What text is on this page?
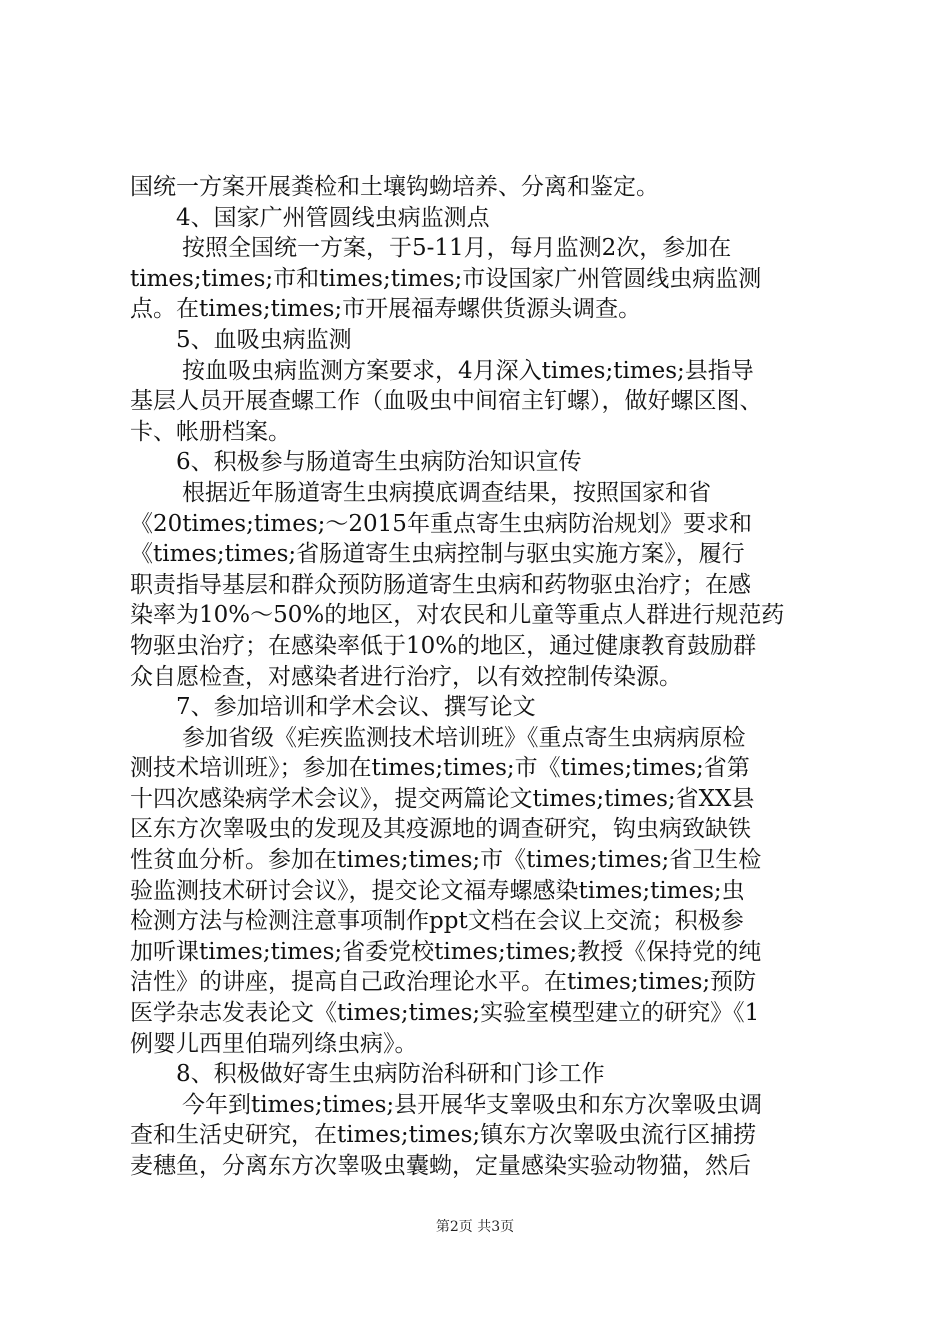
国统一方案开展粪检和土壤钩蚴培养、分离和鉴定。
4、国家广州管圆线虫病监测点
按照全国统一方案，于5-11月，每月监测2次，参加在
times;times;市和times;times;市设国家广州管圆线虫病监测
点。在times;times;市开展福寿螺供货源头调查。
5、血吸虫病监测
按血吸虫病监测方案要求，4月深入times;times;县指导
基层人员开展查螺工作（血吸虫中间宿主钉螺），做好螺区图、
卡、帐册档案。
6、积极参与肠道寄生虫病防治知识宣传
根据近年肠道寄生虫病摸底调查结果，按照国家和省
《20times;times;～2015年重点寄生虫病防治规划》要求和
《times;times;省肠道寄生虫病控制与驱虫实施方案》，履行
职责指导基层和群众预防肠道寄生虫病和药物驱虫治疗；在感
染率为10%～50%的地区，对农民和儿童等重点人群进行规范药
物驱虫治疗；在感染率低于10%的地区，通过健康教育鼓励群
众自愿检查，对感染者进行治疗，以有效控制传染源。
7、参加培训和学术会议、撰写论文
参加省级《疟疾监测技术培训班》《重点寄生虫病病原检
测技术培训班》；参加在times;times;市《times;times;省第
十四次感染病学术会议》，提交两篇论文times;times;省XX县
区东方次睾吸虫的发现及其疫源地的调查研究，钩虫病致缺铁
性贫血分析。参加在times;times;市《times;times;省卫生检
验监测技术研讨会议》，提交论文福寿螺感染times;times;虫
检测方法与检测注意事项制作ppt文档在会议上交流；积极参
加听课times;times;省委党校times;times;教授《保持党的纯
洁性》的讲座，提高自己政治理论水平。在times;times;预防
医学杂志发表论文《times;times;实验室模型建立的研究》《1
例婴儿西里伯瑞列绦虫病》。
8、积极做好寄生虫病防治科研和门诊工作
今年到times;times;县开展华支睾吸虫和东方次睾吸虫调
查和生活史研究，在times;times;镇东方次睾吸虫流行区捕捞
麦穗鱼，分离东方次睾吸虫囊蚴，定量感染实验动物猫，然后
第2页 共3页
